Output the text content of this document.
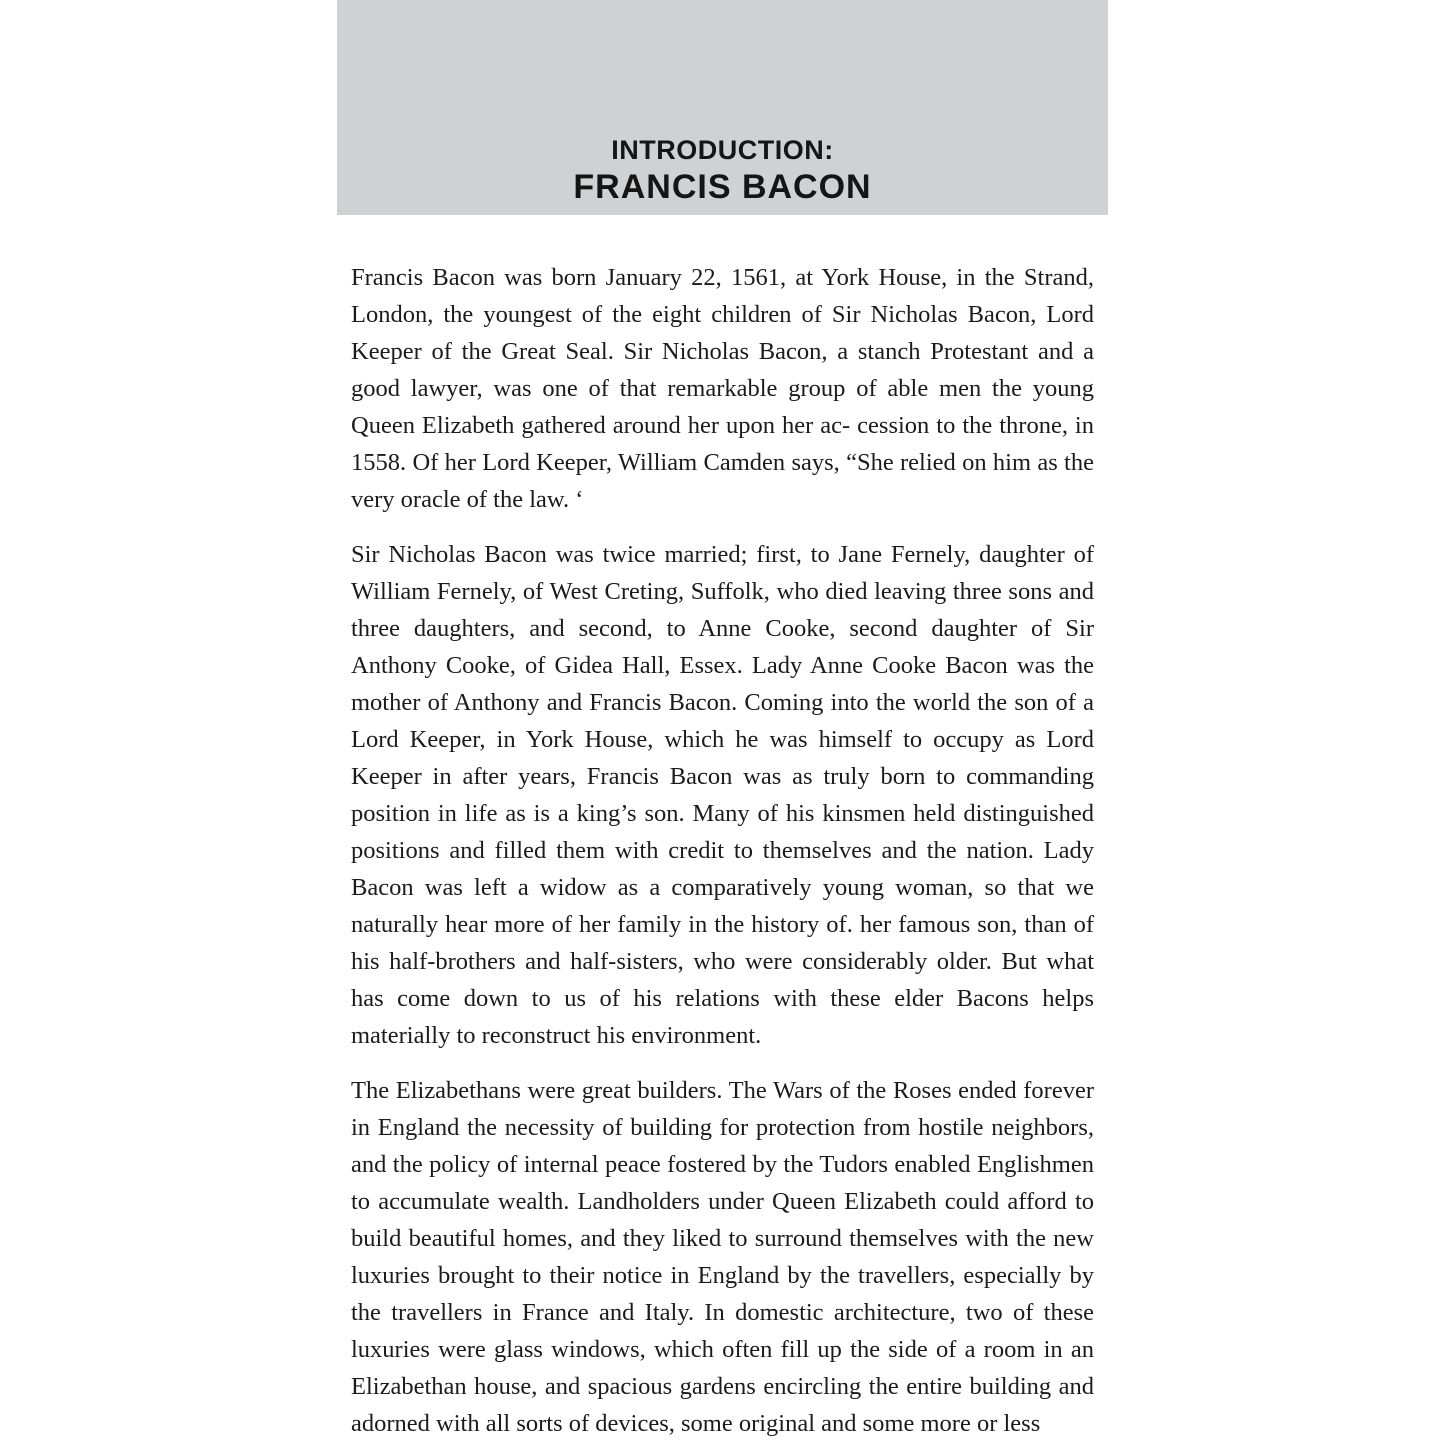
INTRODUCTION:
FRANCIS BACON

Francis Bacon was born January 22, 1561, at York House, in the Strand, London, the youngest of the eight children of Sir Nicholas Bacon, Lord Keeper of the Great Seal. Sir Nicholas Bacon, a stanch Protestant and a good lawyer, was one of that remarkable group of able men the young Queen Elizabeth gathered around her upon her ac- cession to the throne, in 1558. Of her Lord Keeper, William Camden says, “She relied on him as the very oracle of the law. ‘

Sir Nicholas Bacon was twice married; first, to Jane Fernely, daughter of William Fernely, of West Creting, Suffolk, who died leaving three sons and three daughters, and second, to Anne Cooke, second daughter of Sir Anthony Cooke, of Gidea Hall, Essex. Lady Anne Cooke Bacon was the mother of Anthony and Francis Bacon. Coming into the world the son of a Lord Keeper, in York House, which he was himself to occupy as Lord Keeper in after years, Francis Bacon was as truly born to commanding position in life as is a king’s son. Many of his kinsmen held distinguished positions and filled them with credit to themselves and the nation. Lady Bacon was left a widow as a comparatively young woman, so that we naturally hear more of her family in the history of. her famous son, than of his half-brothers and half-sisters, who were considerably older. But what has come down to us of his relations with these elder Bacons helps materially to reconstruct his environment.

The Elizabethans were great builders. The Wars of the Roses ended forever in England the necessity of building for protection from hostile neighbors, and the policy of internal peace fostered by the Tudors enabled Englishmen to accumulate wealth. Landholders under Queen Elizabeth could afford to build beautiful homes, and they liked to surround themselves with the new luxuries brought to their notice in England by the travellers, especially by the travellers in France and Italy. In domestic architecture, two of these luxuries were glass windows, which often fill up the side of a room in an Elizabethan house, and spacious gardens encircling the entire building and adorned with all sorts of devices, some original and some more or less
